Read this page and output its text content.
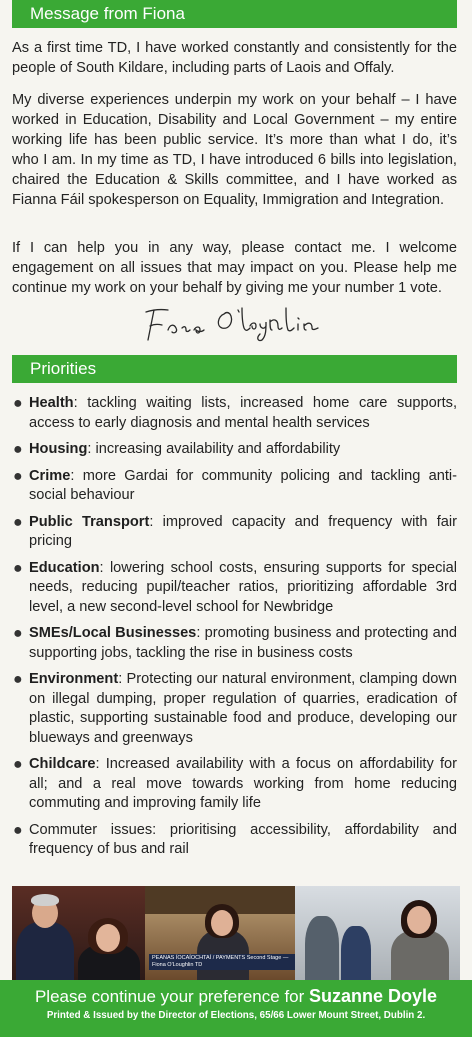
Message from Fiona

As a first time TD, I have worked constantly and consistently for the people of South Kildare, including parts of Laois and Offaly.

My diverse experiences underpin my work on your behalf – I have worked in Education, Disability and Local Government – my entire working life has been public service. It’s more than what I do, it’s who I am. In my time as TD, I have introduced 6 bills into legislation, chaired the Education & Skills committee, and I have worked as Fianna Fáil spokesperson on Equality, Immigration and Integration.

If I can help you in any way, please contact me. I welcome engagement on all issues that may impact on you. Please help me continue my work on your behalf by giving me your number 1 vote.

Priorities
● Health: tackling waiting lists, increased home care supports, access to early diagnosis and mental health services
● Housing: increasing availability and affordability
● Crime: more Gardai for community policing and tackling anti-social behaviour
● Public Transport: improved capacity and frequency with fair pricing
● Education: lowering school costs, ensuring supports for special needs, reducing pupil/teacher ratios, prioritizing affordable 3rd level, a new second-level school for Newbridge
● SMEs/Local Businesses: promoting business and protecting and supporting jobs, tackling the rise in business costs
● Environment: Protecting our natural environment, clamping down on illegal dumping, proper regulation of quarries, eradication of plastic, supporting sustainable food and produce, developing our blueways and greenways
● Childcare: Increased availability with a focus on affordability for all; and a real move towards working from home reducing commuting and improving family life
● Commuter issues: prioritising accessibility, affordability and frequency of bus and rail
PEANAS ÍOCAÍOCHTAÍ / PAYMENTS Second Stage — Fiona O'Loughlin TD
Please continue your preference for Suzanne Doyle
Printed & Issued by the Director of Elections, 65/66 Lower Mount Street, Dublin 2.
